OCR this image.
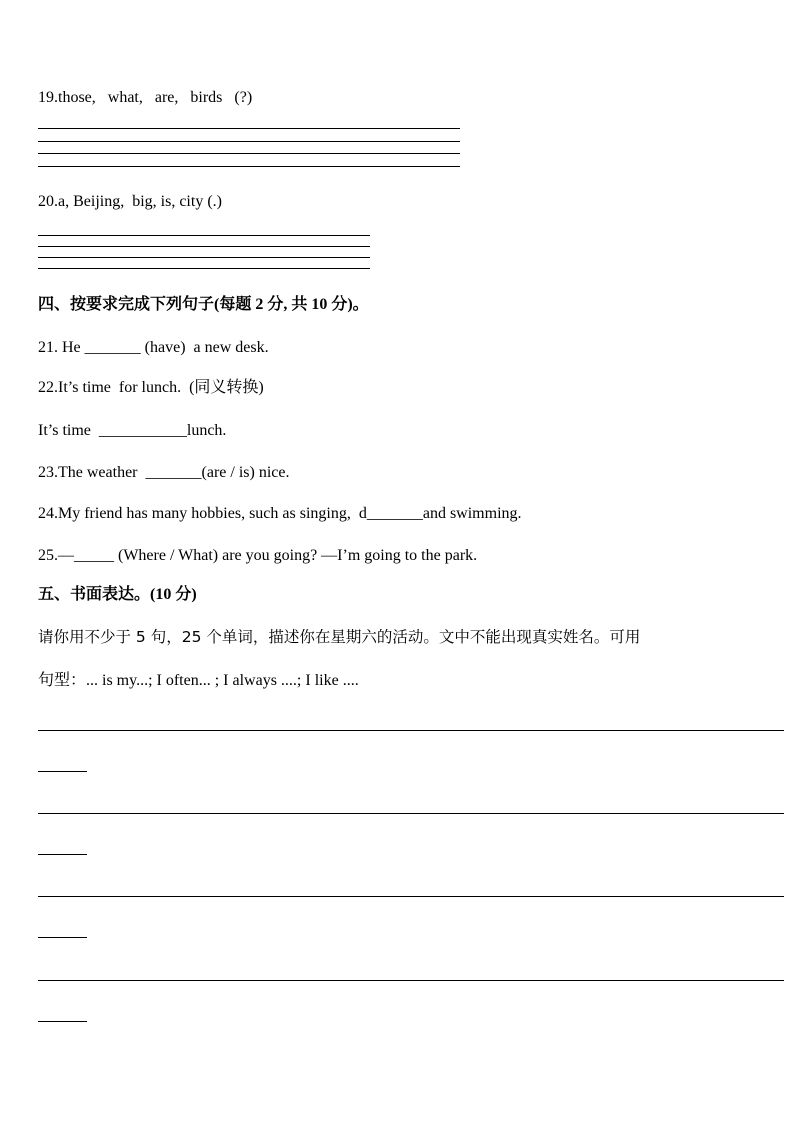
19.those,   what,   are,   birds   (?)
20.a, Beijing,  big, is, city (.)
四、按要求完成下列句子(每题 2 分, 共 10 分)。
21. He _______ (have)  a new desk.
22.It’s time  for lunch.  (同义转换)
It’s time  ___________lunch.
23.The weather  _______(are / is) nice.
24.My friend has many hobbies, such as singing,  d_______and swimming.
25.—_____ (Where / What) are you going? —I’m going to the park.
五、书面表达。(10 分)
请你用不少于 5 句，25 个单词，描述你在星期六的活动。文中不能出现真实姓名。可用
句型：... is my...; I often... ; I always ....; I like ....
